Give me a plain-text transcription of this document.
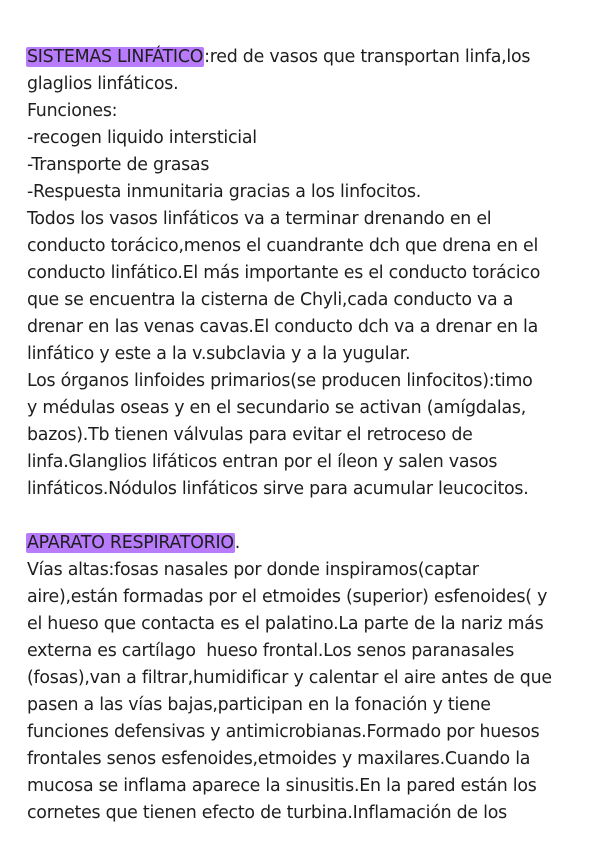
SISTEMAS LINFÁTICO:red de vasos que transportan linfa,los
glaglios linfáticos.
Funciones:
-recogen liquido intersticial
-Transporte de grasas
-Respuesta inmunitaria gracias a los linfocitos.
Todos los vasos linfáticos va a terminar drenando en el
conducto torácico,menos el cuandrante dch que drena en el
conducto linfático.El más importante es el conducto torácico
que se encuentra la cisterna de Chyli,cada conducto va a
drenar en las venas cavas.El conducto dch va a drenar en la
linfático y este a la v.subclavia y a la yugular.
Los órganos linfoides primarios(se producen linfocitos):timo
y médulas oseas y en el secundario se activan (amígdalas,
bazos).Tb tienen válvulas para evitar el retroceso de
linfa.Glanglios lifáticos entran por el íleon y salen vasos
linfáticos.Nódulos linfáticos sirve para acumular leucocitos.
APARATO RESPIRATORIO.
Vías altas:fosas nasales por donde inspiramos(captar
aire),están formadas por el etmoides (superior) esfenoides( y
el hueso que contacta es el palatino.La parte de la nariz más
externa es cartílago  hueso frontal.Los senos paranasales
(fosas),van a filtrar,humidificar y calentar el aire antes de que
pasen a las vías bajas,participan en la fonación y tiene
funciones defensivas y antimicrobianas.Formado por huesos
frontales senos esfenoides,etmoides y maxilares.Cuando la
mucosa se inflama aparece la sinusitis.En la pared están los
cornetes que tienen efecto de turbina.Inflamación de los
